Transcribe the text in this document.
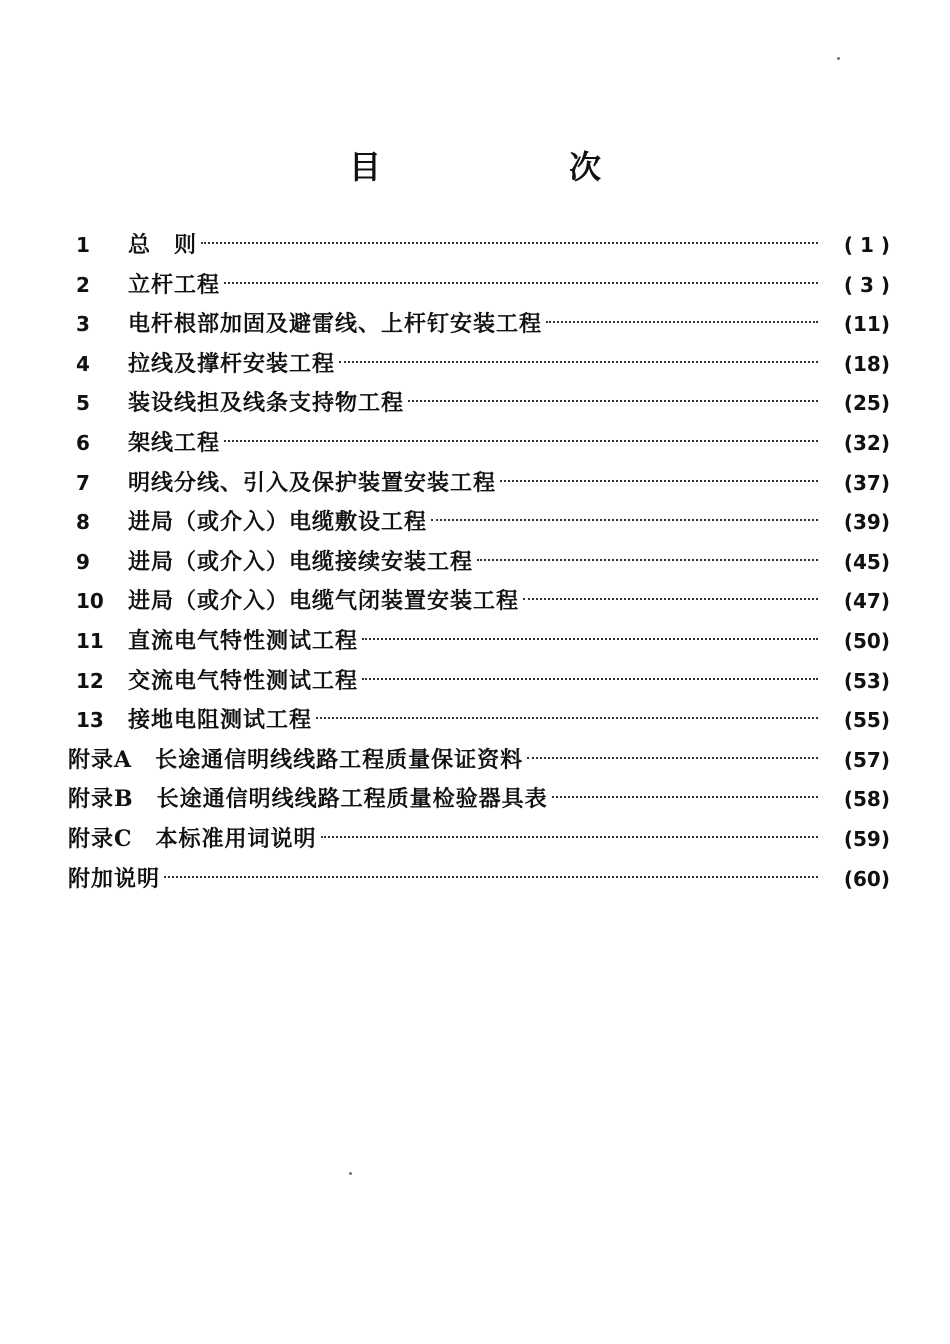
目　次
1	总　则	( 1 )
2	立杆工程	( 3 )
3	电杆根部加固及避雷线、上杆钉安装工程	(11)
4	拉线及撑杆安装工程	(18)
5	装设线担及线条支持物工程	(25)
6	架线工程	(32)
7	明线分线、引入及保护装置安装工程	(37)
8	进局（或介入）电缆敷设工程	(39)
9	进局（或介入）电缆接续安装工程	(45)
10	进局（或介入）电缆气闭装置安装工程	(47)
11	直流电气特性测试工程	(50)
12	交流电气特性测试工程	(53)
13	接地电阻测试工程	(55)
附录A　长途通信明线线路工程质量保证资料	(57)
附录B　长途通信明线线路工程质量检验器具表	(58)
附录C　本标准用词说明	(59)
附加说明	(60)
